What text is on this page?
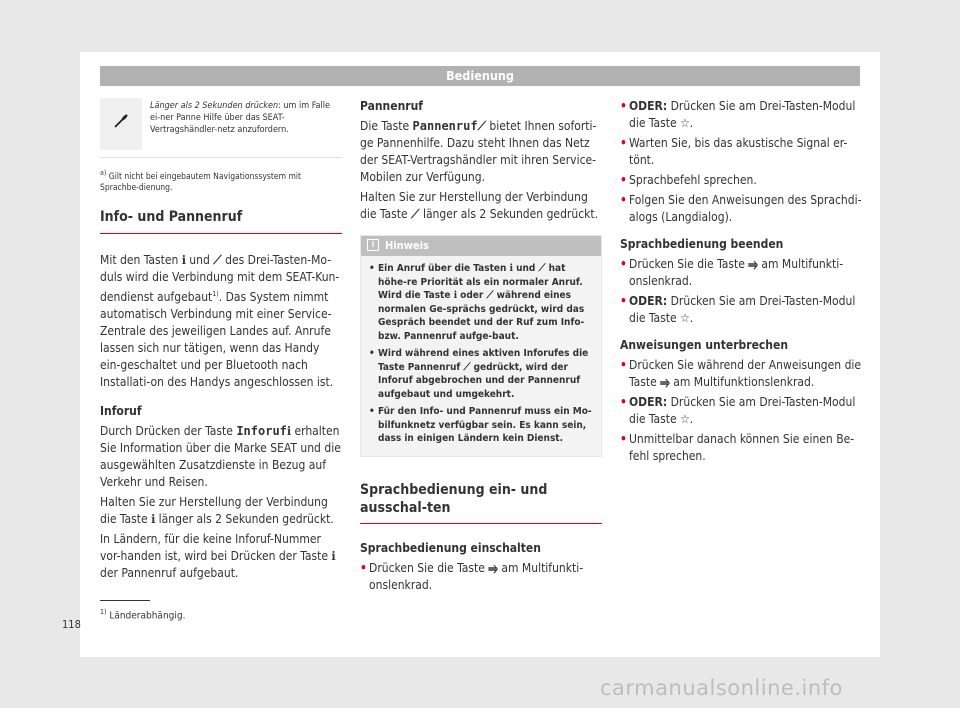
Bedienung
Länger als 2 Sekunden drücken: um im Falle ei-ner Panne Hilfe über das SEAT-Vertragshändler-netz anzufordern.
$^{a)}$ Gilt nicht bei eingebautem Navigationssystem mit Sprachbe-dienung.
Info- und Pannenruf

Mit den Tasten ℹ und ⟋ des Drei-Tasten-Mo-duls wird die Verbindung mit dem SEAT-Kun-dendienst aufgebaut$^{1)}$. Das System nimmt automatisch Verbindung mit einer Service-Zentrale des jeweiligen Landes auf. Anrufe lassen sich nur tätigen, wenn das Handy ein-geschaltet und per Bluetooth nach Installati-on des Handys angeschlossen ist.

Inforuf

Durch Drücken der Taste Inforufℹ erhalten Sie Information über die Marke SEAT und die ausgewählten Zusatzdienste in Bezug auf Verkehr und Reisen.

Halten Sie zur Herstellung der Verbindung die Taste ℹ länger als 2 Sekunden gedrückt.

In Ländern, für die keine Inforuf-Nummer vor-handen ist, wird bei Drücken der Taste ℹ der Pannenruf aufgebaut.

Pannenruf

Die Taste Pannenruf⟋ bietet Ihnen soforti-ge Pannenhilfe. Dazu steht Ihnen das Netz der SEAT-Vertragshändler mit ihren Service-Mobilen zur Verfügung.

Halten Sie zur Herstellung der Verbindung die Taste ⟋ länger als 2 Sekunden gedrückt.

i Hinweis

• Ein Anruf über die Tasten ℹ und ⟋ hat höhe-re Priorität als ein normaler Anruf. Wird die Taste ℹ oder ⟋ während eines normalen Ge-sprächs gedrückt, wird das Gespräch beendet und der Ruf zum Info- bzw. Pannenruf aufge-baut.

• Wird während eines aktiven Inforufes die Taste Pannenruf ⟋ gedrückt, wird der Inforuf abgebrochen und der Pannenruf aufgebaut und umgekehrt.

• Für den Info- und Pannenruf muss ein Mo-bilfunknetz verfügbar sein. Es kann sein, dass in einigen Ländern kein Dienst.

Sprachbedienung ein- und ausschal-ten

Sprachbedienung einschalten

• Drücken Sie die Taste ⥤ am Multifunkti-onslenkrad.

• ODER: Drücken Sie am Drei-Tasten-Modul die Taste ☆.

• Warten Sie, bis das akustische Signal er-tönt.

• Sprachbefehl sprechen.

• Folgen Sie den Anweisungen des Sprachdi-alogs (Langdialog).

Sprachbedienung beenden

• Drücken Sie die Taste ⥤ am Multifunkti-onslenkrad.

• ODER: Drücken Sie am Drei-Tasten-Modul die Taste ☆.

Anweisungen unterbrechen

• Drücken Sie während der Anweisungen die Taste ⥤ am Multifunktionslenkrad.

• ODER: Drücken Sie am Drei-Tasten-Modul die Taste ☆.

• Unmittelbar danach können Sie einen Be-fehl sprechen.

$^{1)}$ Länderabhängig.
118
carmanualsonline.info
